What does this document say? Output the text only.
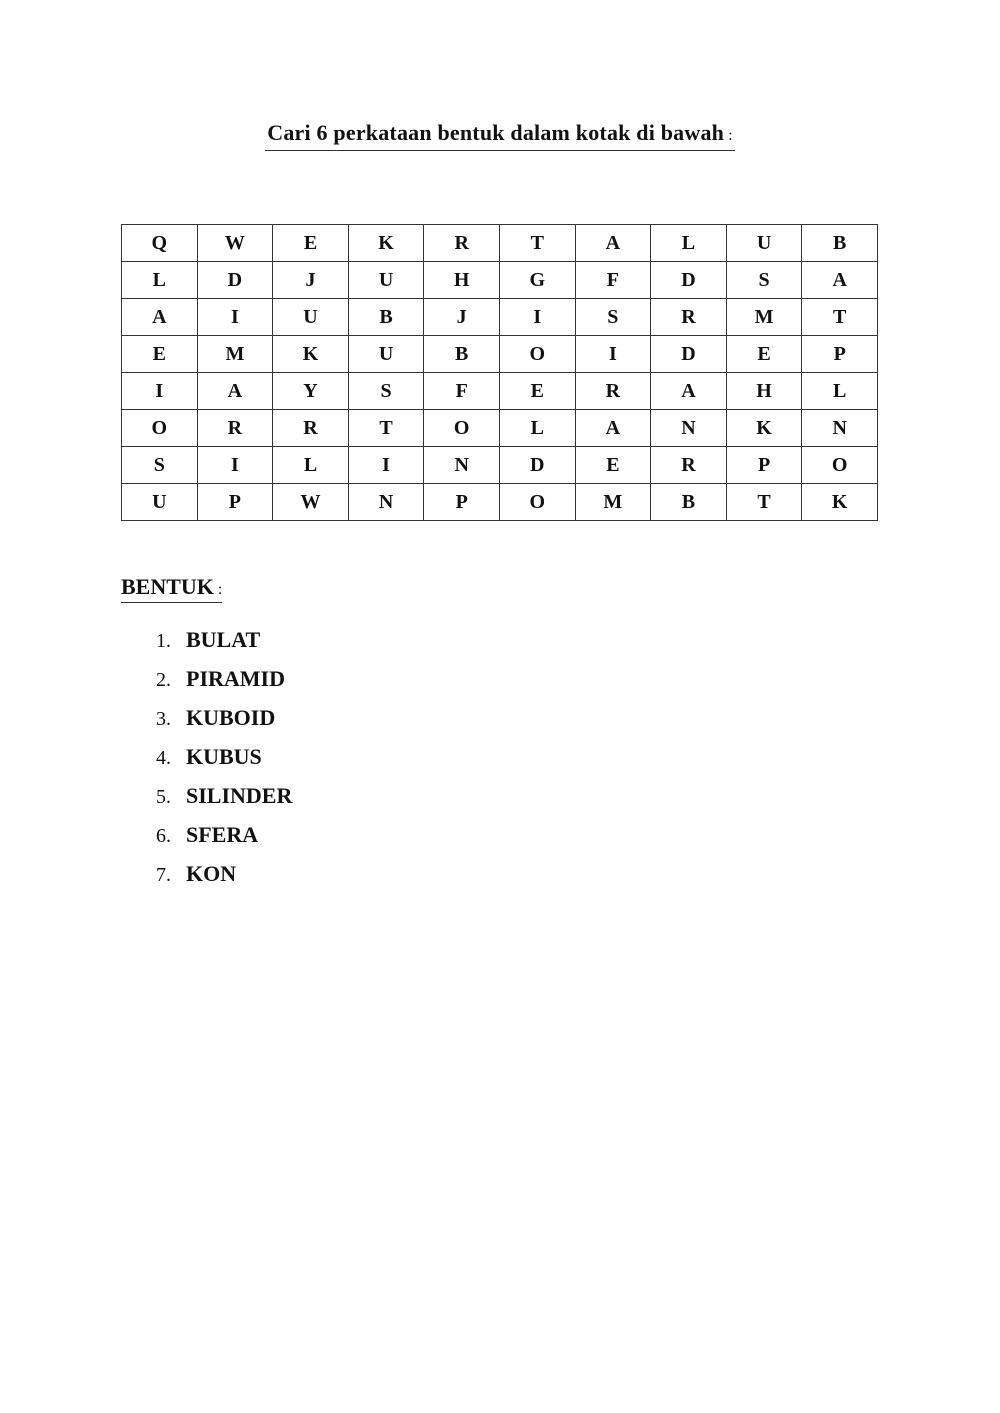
Cari 6 perkataan bentuk dalam kotak di bawah :
Q	W	E	K	R	T	A	L	U	B
L	D	J	U	H	G	F	D	S	A
A	I	U	B	J	I	S	R	M	T
E	M	K	U	B	O	I	D	E	P
I	A	Y	S	F	E	R	A	H	L
O	R	R	T	O	L	A	N	K	N
S	I	L	I	N	D	E	R	P	O
U	P	W	N	P	O	M	B	T	K
BENTUK :
1. BULAT
2. PIRAMID
3. KUBOID
4. KUBUS
5. SILINDER
6. SFERA
7. KON
